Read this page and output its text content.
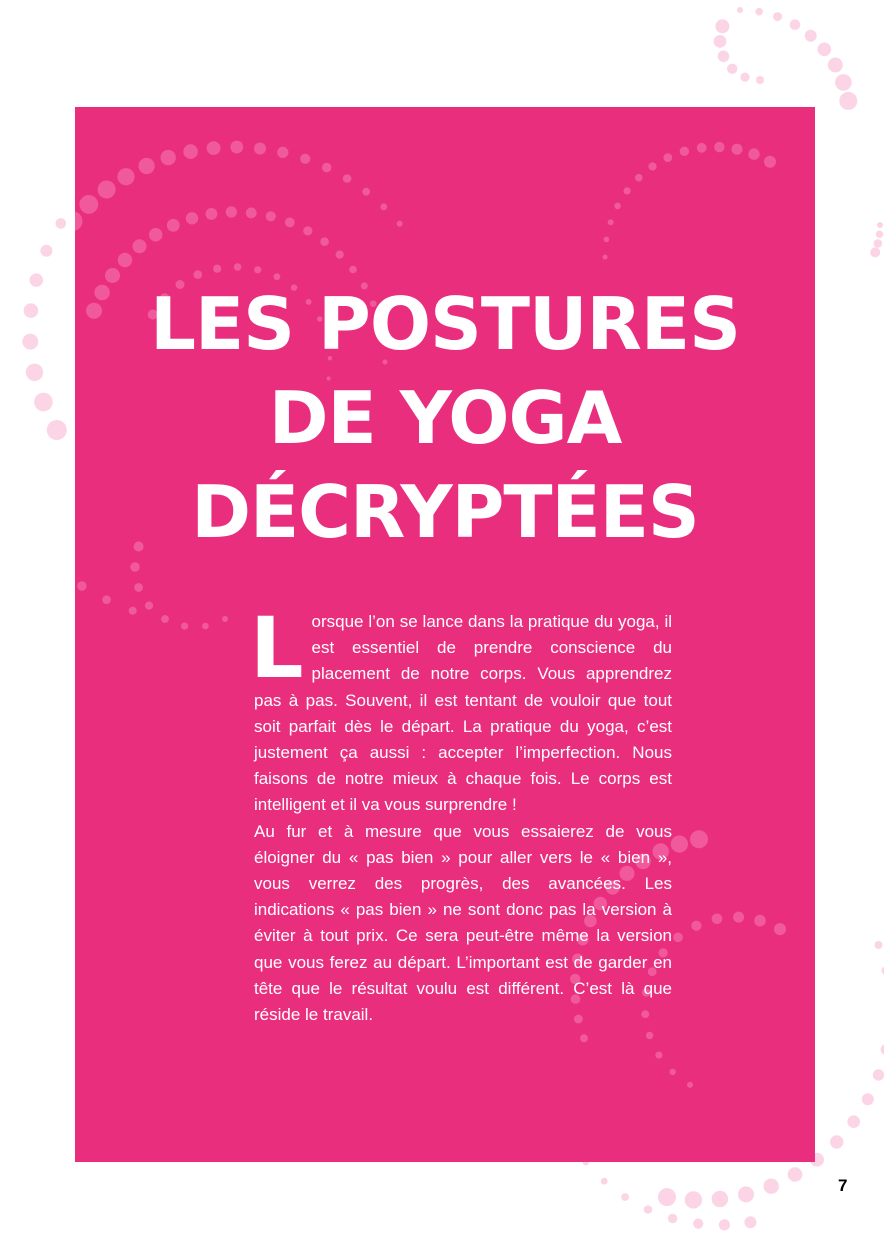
LES POSTURES
DE YOGA
DÉCRYPTÉES

Lorsque l’on se lance dans la pratique du yoga, il est essentiel de prendre conscience du placement de notre corps. Vous apprendrez pas à pas. Souvent, il est tentant de vouloir que tout soit parfait dès le départ. La pratique du yoga, c’est justement ça aussi : accepter l’imperfection. Nous faisons de notre mieux à chaque fois. Le corps est intelligent et il va vous surprendre !

Au fur et à mesure que vous essaierez de vous éloigner du « pas bien » pour aller vers le « bien », vous verrez des progrès, des avancées. Les indications « pas bien » ne sont donc pas la version à éviter à tout prix. Ce sera peut-être même la version que vous ferez au départ. L’important est de garder en tête que le résultat voulu est différent. C’est là que réside le travail.

7
